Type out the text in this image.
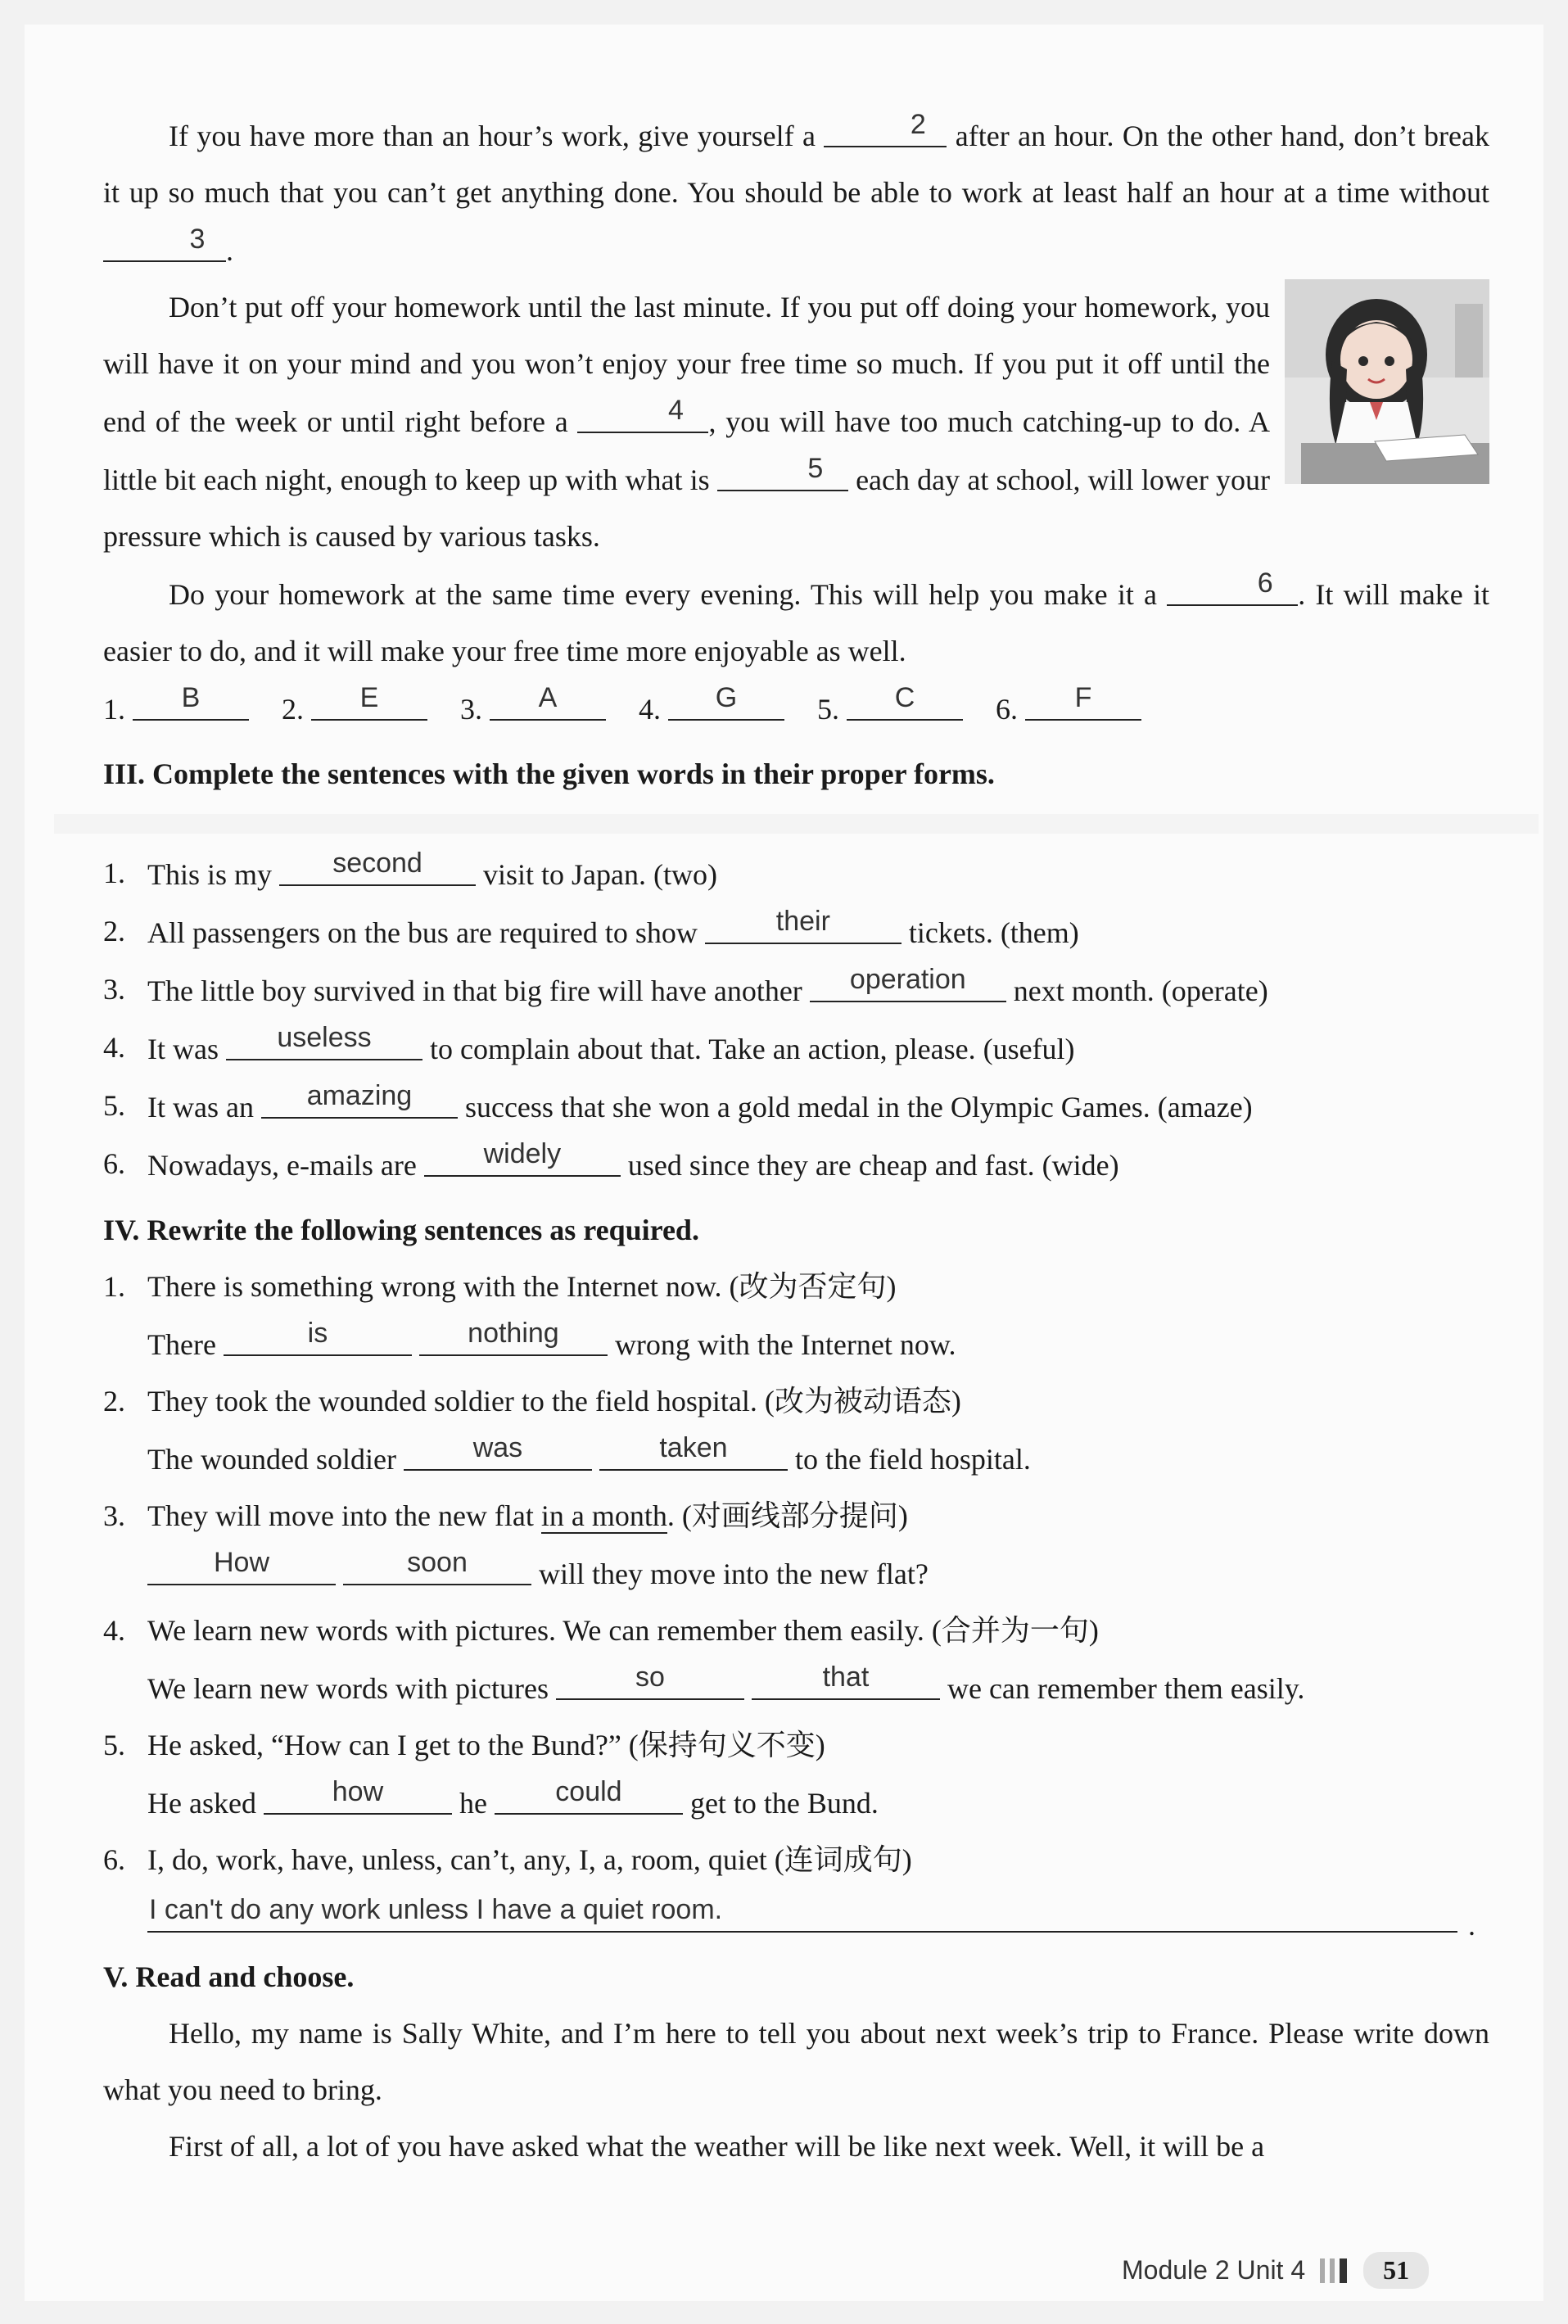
If you have more than an hour’s work, give yourself a	2 after an hour. On the other hand, don’t break it up so much that you can’t get anything done. You should be able to work at least half an hour at a time without
3 .

Don’t put off your homework until the last minute. If you put off doing your homework, you will have it on your mind and you won’t enjoy your free time so much. If you put it off until the end of the week or until right before a	4 , you will have too much catching-up to do. A little bit each night, enough to keep up with what is	5	each day at school, will lower your pressure which is caused by various tasks.

Do your homework at the same time every evening. This will help you make it a	6 . It will make it easier to do, and it will make your free time more enjoyable as well.

1.	B	2.	E	3.	A	4.	G	5.	C	6.	F
III. Complete the sentences with the given words in their proper forms.
1. This is my	second	visit to Japan. (two)
2. All passengers on the bus are required to show	their	tickets. (them)
3. The little boy survived in that big fire will have another	operation	next month. (operate)
4. It was	useless	to complain about that. Take an action, please. (useful)
5. It was an	amazing	success that she won a gold medal in the Olympic Games. (amaze)
6. Nowadays, e-mails are	widely	used since they are cheap and fast. (wide)
IV. Rewrite the following sentences as required.
1. There is something wrong with the Internet now. (改为否定句)
There	is
	nothing	wrong with the Internet now.
2. They took the wounded soldier to the field hospital. (改为被动语态)
The wounded soldier	was
	taken	to the field hospital.
3. They will move into the new flat in a month. (对画线部分提问)
How
	soon	will they move into the new flat?
4. We learn new words with pictures. We can remember them easily. (合并为一句)
We learn new words with pictures	so
	that	we can remember them easily.
5. He asked, “How can I get to the Bund?” (保持句义不变)
He asked	how	he	could	get to the Bund.
6. I, do, work, have, unless, can’t, any, I, a, room, quiet (连词成句)
I can't do any work unless I have a quiet room.	.
V. Read and choose.

Hello, my name is Sally White, and I’m here to tell you about next week’s trip to France. Please write down what you need to bring.

First of all, a lot of you have asked what the weather will be like next week. Well, it will be a

Module 2 Unit 4	51
